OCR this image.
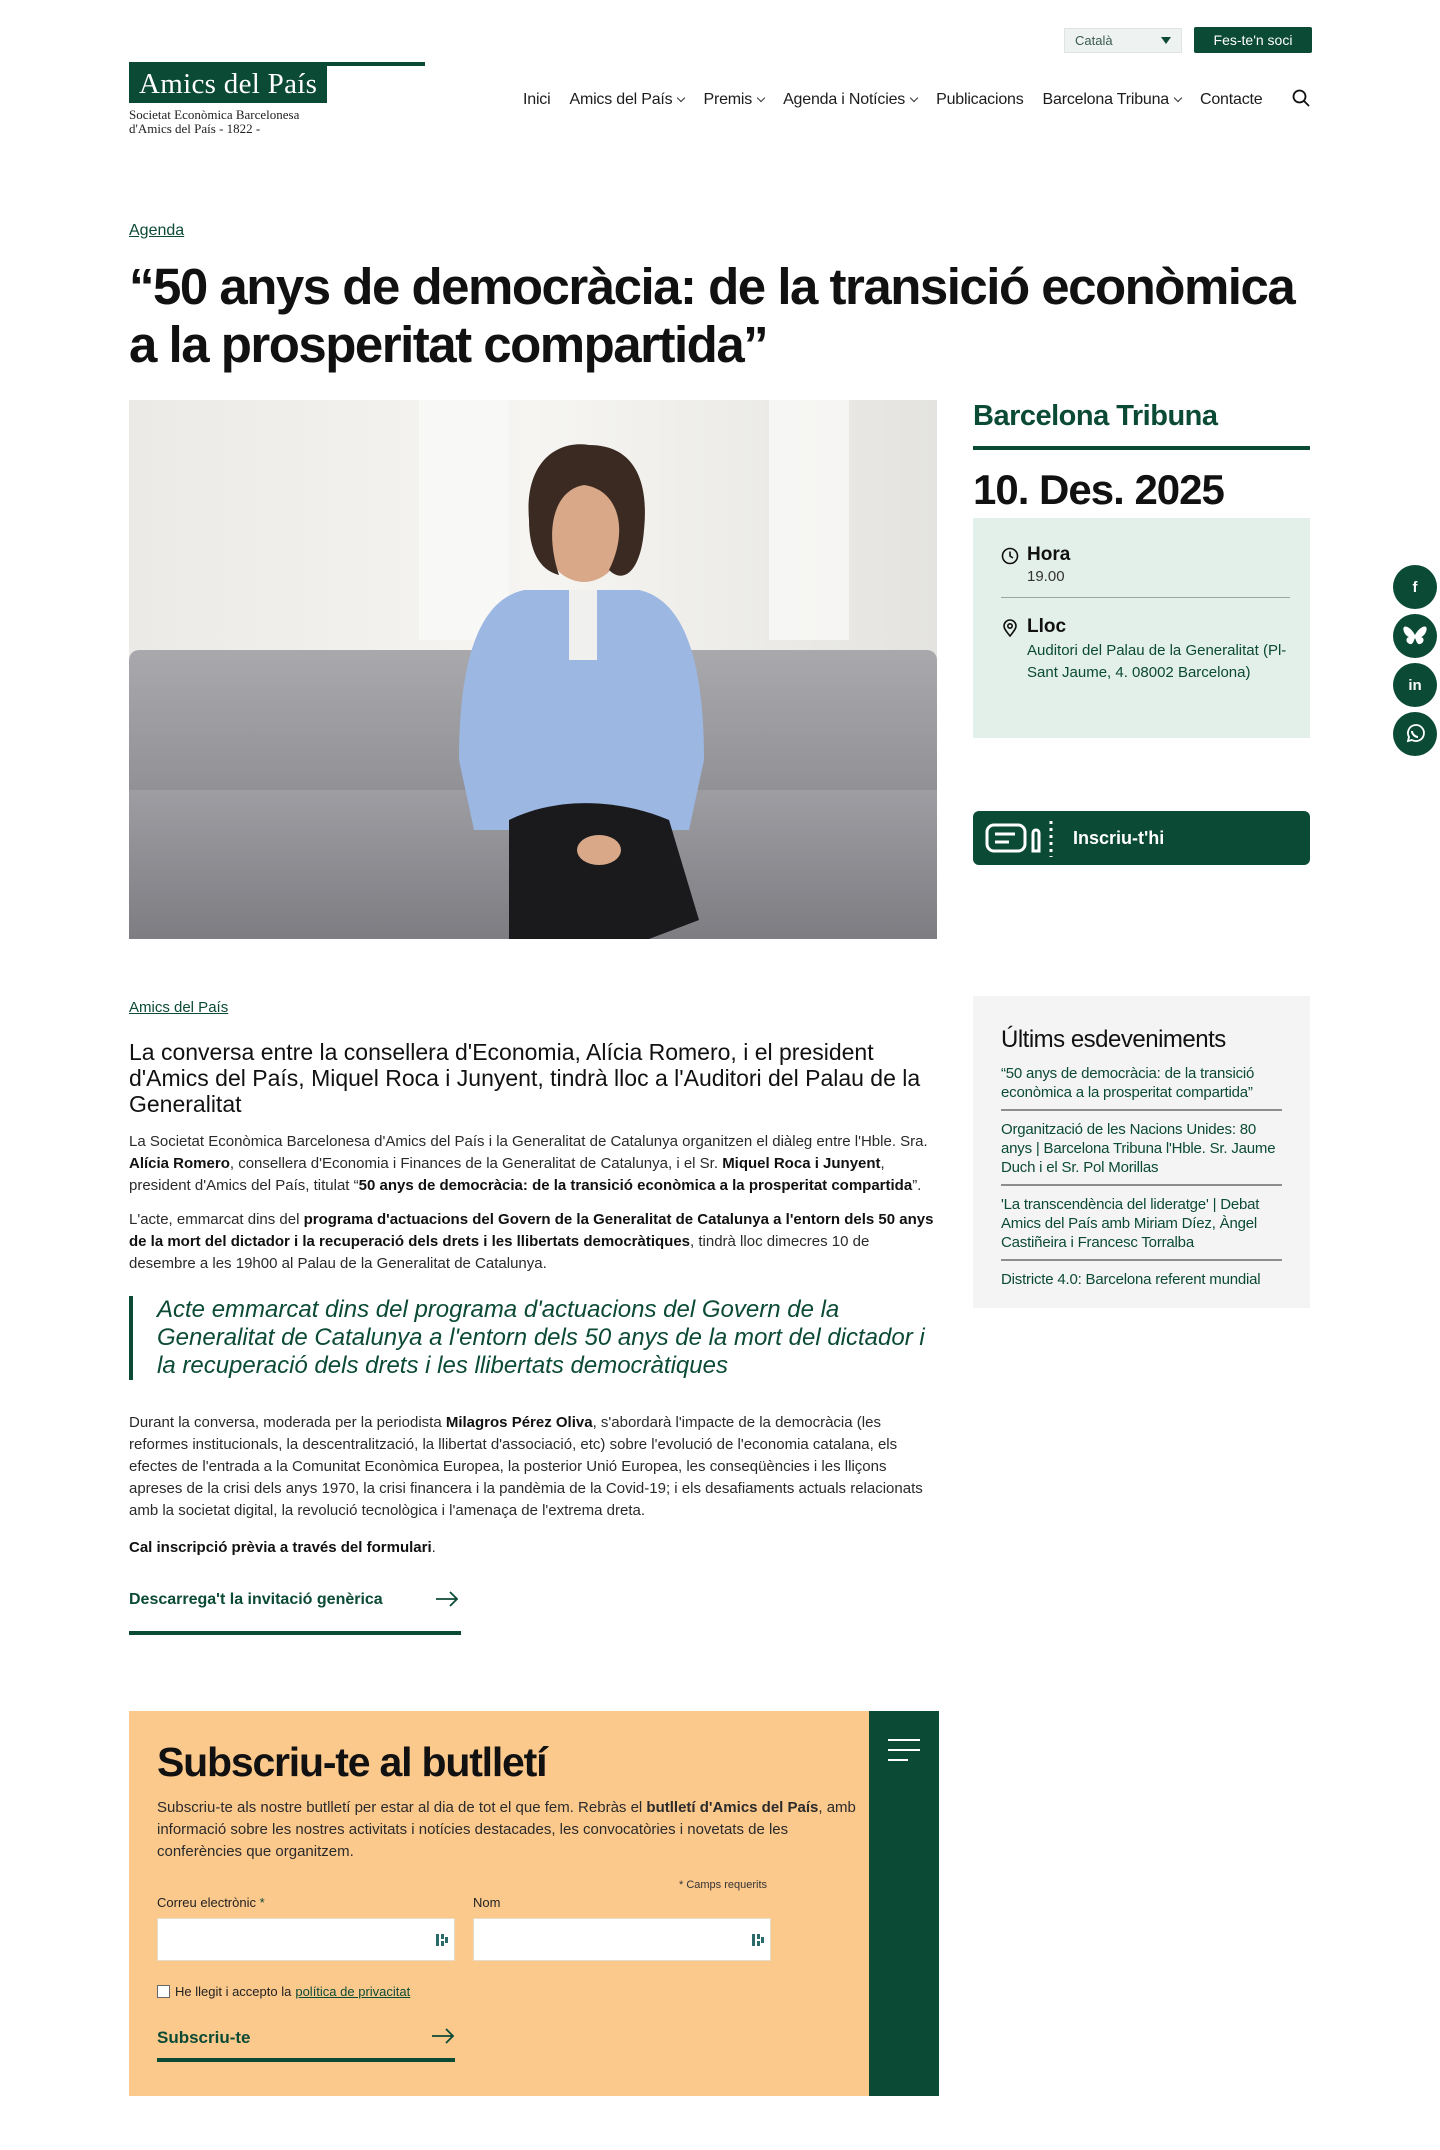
Català	Fes-te'n soci
Amics del País
Societat Econòmica Barcelonesa
d'Amics del País - 1822 -
Inici Amics del País Premis Agenda i Notícies Publicacions Barcelona Tribuna Contacte
Agenda
“50 anys de democràcia: de la transició econòmica a la prosperitat compartida”
Barcelona Tribuna
10. Des. 2025
Hora
19.00
Lloc
Auditori del Palau de la Generalitat (Pl- Sant Jaume, 4. 08002 Barcelona)
Inscriu-t'hi
f
in
Amics del País
La conversa entre la consellera d'Economia, Alícia Romero, i el president d'Amics del País, Miquel Roca i Junyent, tindrà lloc a l'Auditori del Palau de la Generalitat

La Societat Econòmica Barcelonesa d'Amics del País i la Generalitat de Catalunya organitzen el diàleg entre l'Hble. Sra. Alícia Romero, consellera d'Economia i Finances de la Generalitat de Catalunya, i el Sr. Miquel Roca i Junyent, president d'Amics del País, titulat “50 anys de democràcia: de la transició econòmica a la prosperitat compartida”.

L'acte, emmarcat dins del programa d'actuacions del Govern de la Generalitat de Catalunya a l'entorn dels 50 anys de la mort del dictador i la recuperació dels drets i les llibertats democràtiques, tindrà lloc dimecres 10 de desembre a les 19h00 al Palau de la Generalitat de Catalunya.

Acte emmarcat dins del programa d'actuacions del Govern de la Generalitat de Catalunya a l'entorn dels 50 anys de la mort del dictador i la recuperació dels drets i les llibertats democràtiques

Durant la conversa, moderada per la periodista Milagros Pérez Oliva, s'abordarà l'impacte de la democràcia (les reformes institucionals, la descentralització, la llibertat d'associació, etc) sobre l'evolució de l'economia catalana, els efectes de l'entrada a la Comunitat Econòmica Europea, la posterior Unió Europea, les conseqüències i les lliçons apreses de la crisi dels anys 1970, la crisi financera i la pandèmia de la Covid-19; i els desafiaments actuals relacionats amb la societat digital, la revolució tecnològica i l'amenaça de l'extrema dreta.

Cal inscripció prèvia a través del formulari.

Descarrega't la invitació genèrica
Últims esdeveniments
“50 anys de democràcia: de la transició econòmica a la prosperitat compartida”
Organització de les Nacions Unides: 80 anys | Barcelona Tribuna l'Hble. Sr. Jaume Duch i el Sr. Pol Morillas
'La transcendència del lideratge' | Debat Amics del País amb Miriam Díez, Àngel Castiñeira i Francesc Torralba
Districte 4.0: Barcelona referent mundial
Subscriu-te al butlletí

Subscriu-te als nostre butlletí per estar al dia de tot el que fem. Rebràs el butlletí d'Amics del País, amb informació sobre les nostres activitats i notícies destacades, les convocatòries i novetats de les conferències que organitzem.

* Camps requerits
Correu electrònic *	Nom
He llegit i accepto la política de privacitat
Subscriu-te
